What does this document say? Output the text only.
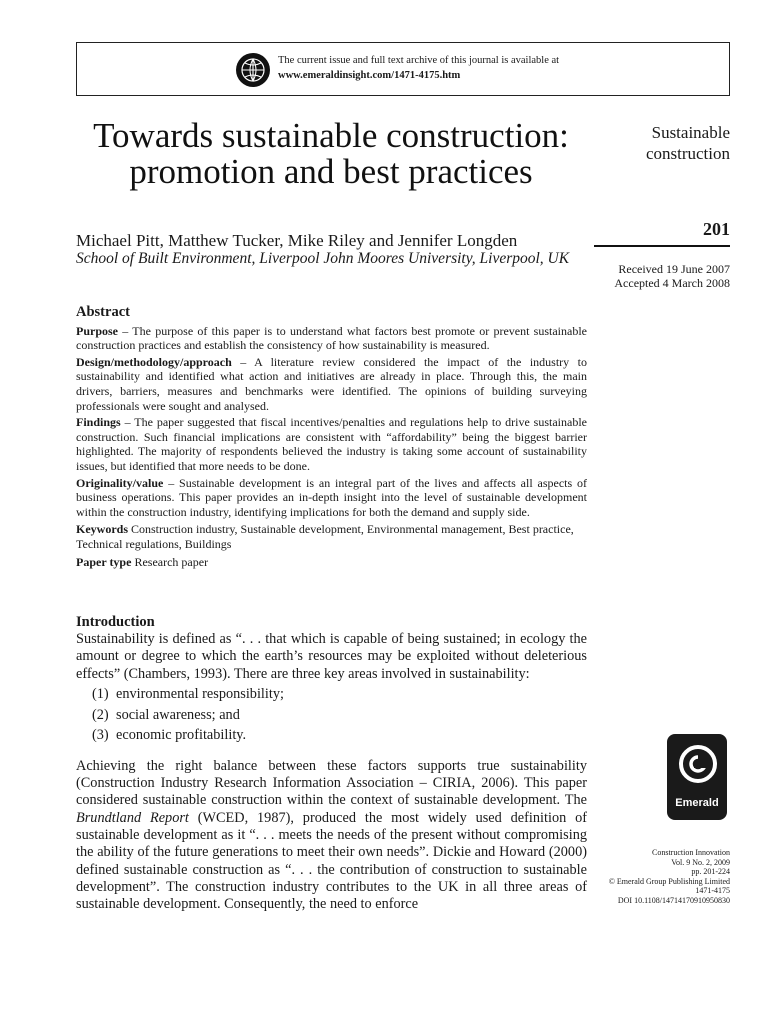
The current issue and full text archive of this journal is available at
www.emeraldinsight.com/1471-4175.htm
Towards sustainable construction: promotion and best practices
Michael Pitt, Matthew Tucker, Mike Riley and Jennifer Longden
School of Built Environment, Liverpool John Moores University, Liverpool, UK
Sustainable
construction
201
Received 19 June 2007
Accepted 4 March 2008
Abstract

Purpose – The purpose of this paper is to understand what factors best promote or prevent sustainable construction practices and establish the consistency of how sustainability is measured.

Design/methodology/approach – A literature review considered the impact of the industry to sustainability and identified what action and initiatives are already in place. Through this, the main drivers, barriers, measures and benchmarks were identified. The opinions of building surveying professionals were sought and analysed.

Findings – The paper suggested that fiscal incentives/penalties and regulations help to drive sustainable construction. Such financial implications are consistent with “affordability” being the biggest barrier highlighted. The majority of respondents believed the industry is taking some account of sustainability issues, but identified that more needs to be done.

Originality/value – Sustainable development is an integral part of the lives and affects all aspects of business operations. This paper provides an in-depth insight into the level of sustainable development within the construction industry, identifying implications for both the demand and supply side.

Keywords Construction industry, Sustainable development, Environmental management, Best practice, Technical regulations, Buildings

Paper type Research paper

Introduction

Sustainability is defined as “. . . that which is capable of being sustained; in ecology the amount or degree to which the earth’s resources may be exploited without deleterious effects” (Chambers, 1993). There are three key areas involved in sustainability:

(1) environmental responsibility;
(2) social awareness; and
(3) economic profitability.

Achieving the right balance between these factors supports true sustainability (Construction Industry Research Information Association – CIRIA, 2006). This paper considered sustainable construction within the context of sustainable development. The Brundtland Report (WCED, 1987), produced the most widely used definition of sustainable development as it “. . . meets the needs of the present without compromising the ability of the future generations to meet their own needs”. Dickie and Howard (2000) defined sustainable construction as “. . . the contribution of construction to sustainable development”. The construction industry contributes to the UK in all three areas of sustainable development. Consequently, the need to enforce

Emerald
Construction Innovation
Vol. 9 No. 2, 2009
pp. 201-224
© Emerald Group Publishing Limited
1471-4175
DOI 10.1108/14714170910950830
